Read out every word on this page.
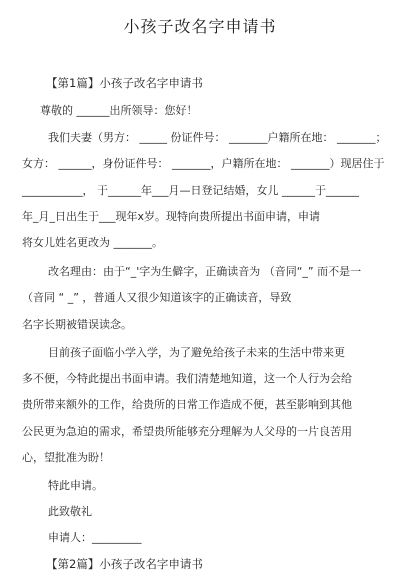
小孩子改名字申请书
【第1篇】小孩子改名字申请书
尊敬的 ______出所领导：您好！
我们夫妻（男方： _____ 份证件号： _______户籍所在地： _______；
女方： ______，身份证件号： _______，户籍所在地： _______）现居住于
___________， 于______年___月—日登记结婚，女儿 ______于______
年_月_日出生于___现年x岁。现特向贵所提出书面申请，申请
将女儿姓名更改为 _______。
改名理由：由于“_'字为生僻字，正确读音为 （音同“_” 而不是一
（音同 “ _” ，普通人又很少知道该字的正确读音，导致
名字长期被错误读念。
目前孩子面临小学入学，为了避免给孩子未来的生活中带来更
多不便，今特此提出书面申请。我们清楚地知道，这一个人行为会给
贵所带来额外的工作，给贵所的日常工作造成不便，甚至影响到其他
公民更为急迫的需求，希望贵所能够充分理解为人父母的一片良苦用
心，望批准为盼！
特此申请。
此致敬礼
申请人：_________
【第2篇】小孩子改名字申请书
